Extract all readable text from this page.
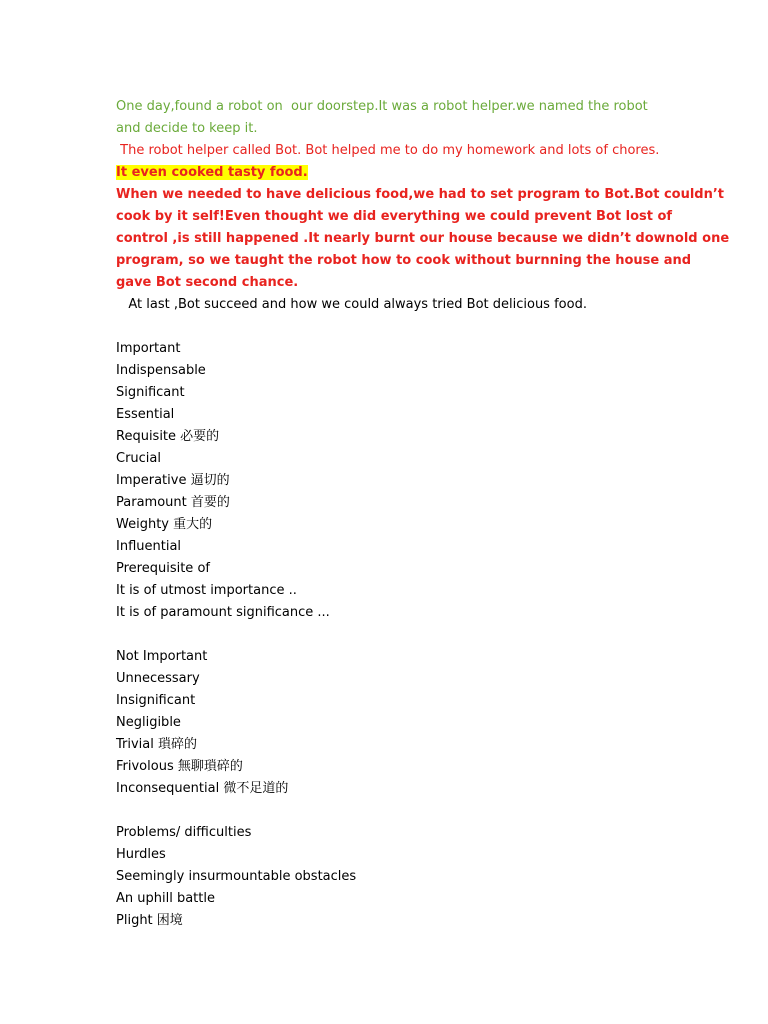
One day,found a robot on  our doorstep.It was a robot helper.we named the robot
and decide to keep it.
The robot helper called Bot. Bot helped me to do my homework and lots of chores.
It even cooked tasty food.
When we needed to have delicious food,we had to set program to Bot.Bot couldn’t
cook by it self!Even thought we did everything we could prevent Bot lost of
control ,is still happened .It nearly burnt our house because we didn’t downold one
program, so we taught the robot how to cook without burnning the house and
gave Bot second chance.
At last ,Bot succeed and how we could always tried Bot delicious food.
Important
Indispensable
Significant
Essential
Requisite 必要的
Crucial
Imperative 逼切的
Paramount 首要的
Weighty 重大的
Influential
Prerequisite of
It is of utmost importance ..
It is of paramount significance ...
Not Important
Unnecessary
Insignificant
Negligible
Trivial 瑣碎的
Frivolous 無聊瑣碎的
Inconsequential 微不足道的
Problems/ difficulties
Hurdles
Seemingly insurmountable obstacles
An uphill battle
Plight 困境
